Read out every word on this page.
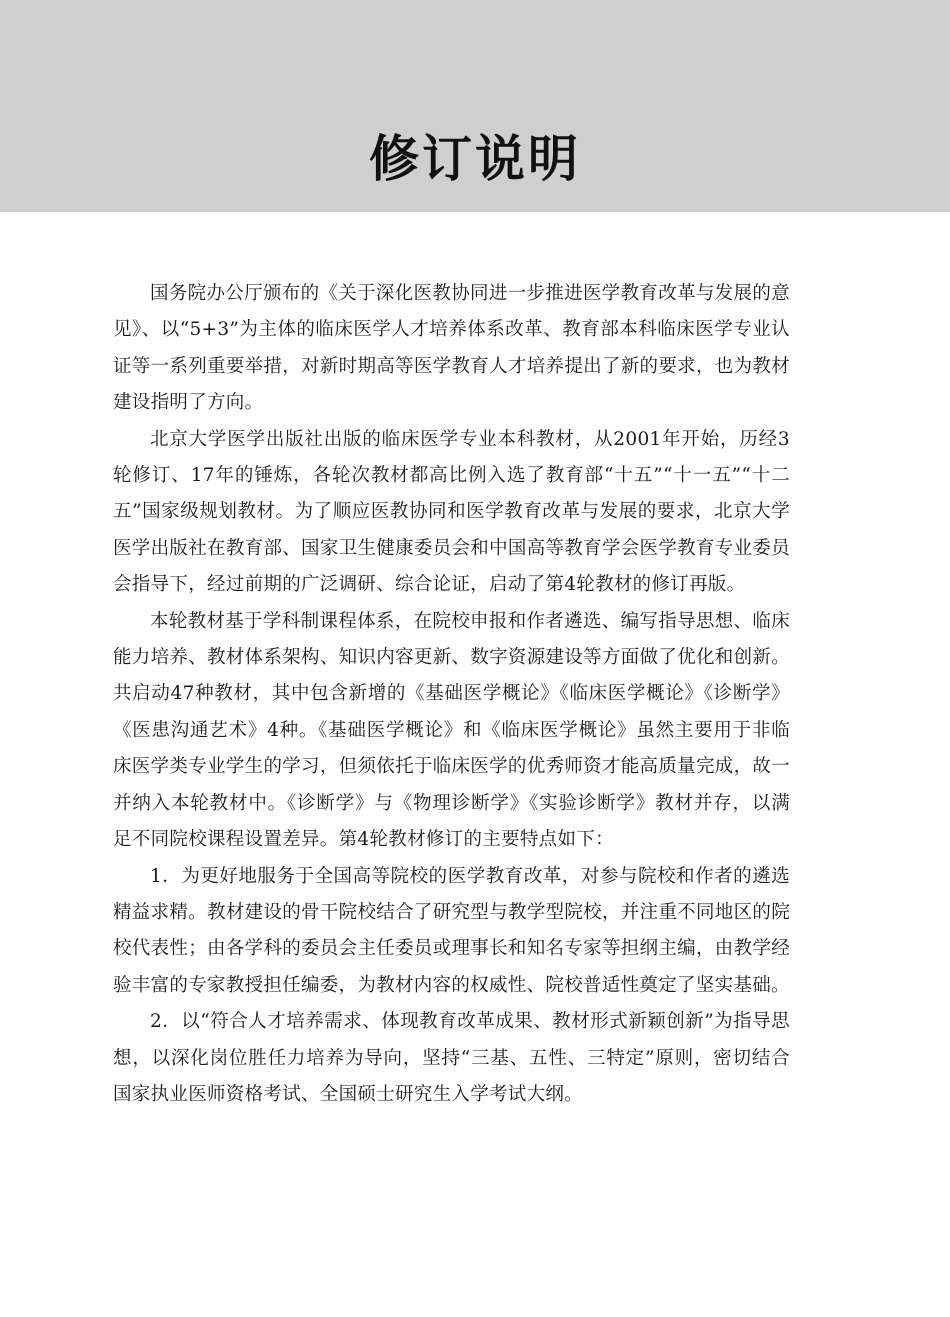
修订说明

国务院办公厅颁布的《关于深化医教协同进一步推进医学教育改革与发展的意见》、以“5+3”为主体的临床医学人才培养体系改革、教育部本科临床医学专业认证等一系列重要举措，对新时期高等医学教育人才培养提出了新的要求，也为教材建设指明了方向。

北京大学医学出版社出版的临床医学专业本科教材，从2001年开始，历经3轮修订、17年的锤炼，各轮次教材都高比例入选了教育部“十五”“十一五”“十二五”国家级规划教材。为了顺应医教协同和医学教育改革与发展的要求，北京大学医学出版社在教育部、国家卫生健康委员会和中国高等教育学会医学教育专业委员会指导下，经过前期的广泛调研、综合论证，启动了第4轮教材的修订再版。

本轮教材基于学科制课程体系，在院校申报和作者遴选、编写指导思想、临床能力培养、教材体系架构、知识内容更新、数字资源建设等方面做了优化和创新。共启动47种教材，其中包含新增的《基础医学概论》《临床医学概论》《诊断学》《医患沟通艺术》4种。《基础医学概论》和《临床医学概论》虽然主要用于非临床医学类专业学生的学习，但须依托于临床医学的优秀师资才能高质量完成，故一并纳入本轮教材中。《诊断学》与《物理诊断学》《实验诊断学》教材并存，以满足不同院校课程设置差异。第4轮教材修订的主要特点如下：

1．为更好地服务于全国高等院校的医学教育改革，对参与院校和作者的遴选精益求精。教材建设的骨干院校结合了研究型与教学型院校，并注重不同地区的院校代表性；由各学科的委员会主任委员或理事长和知名专家等担纲主编，由教学经验丰富的专家教授担任编委，为教材内容的权威性、院校普适性奠定了坚实基础。

2．以“符合人才培养需求、体现教育改革成果、教材形式新颖创新”为指导思想，以深化岗位胜任力培养为导向，坚持“三基、五性、三特定”原则，密切结合国家执业医师资格考试、全国硕士研究生入学考试大纲。
